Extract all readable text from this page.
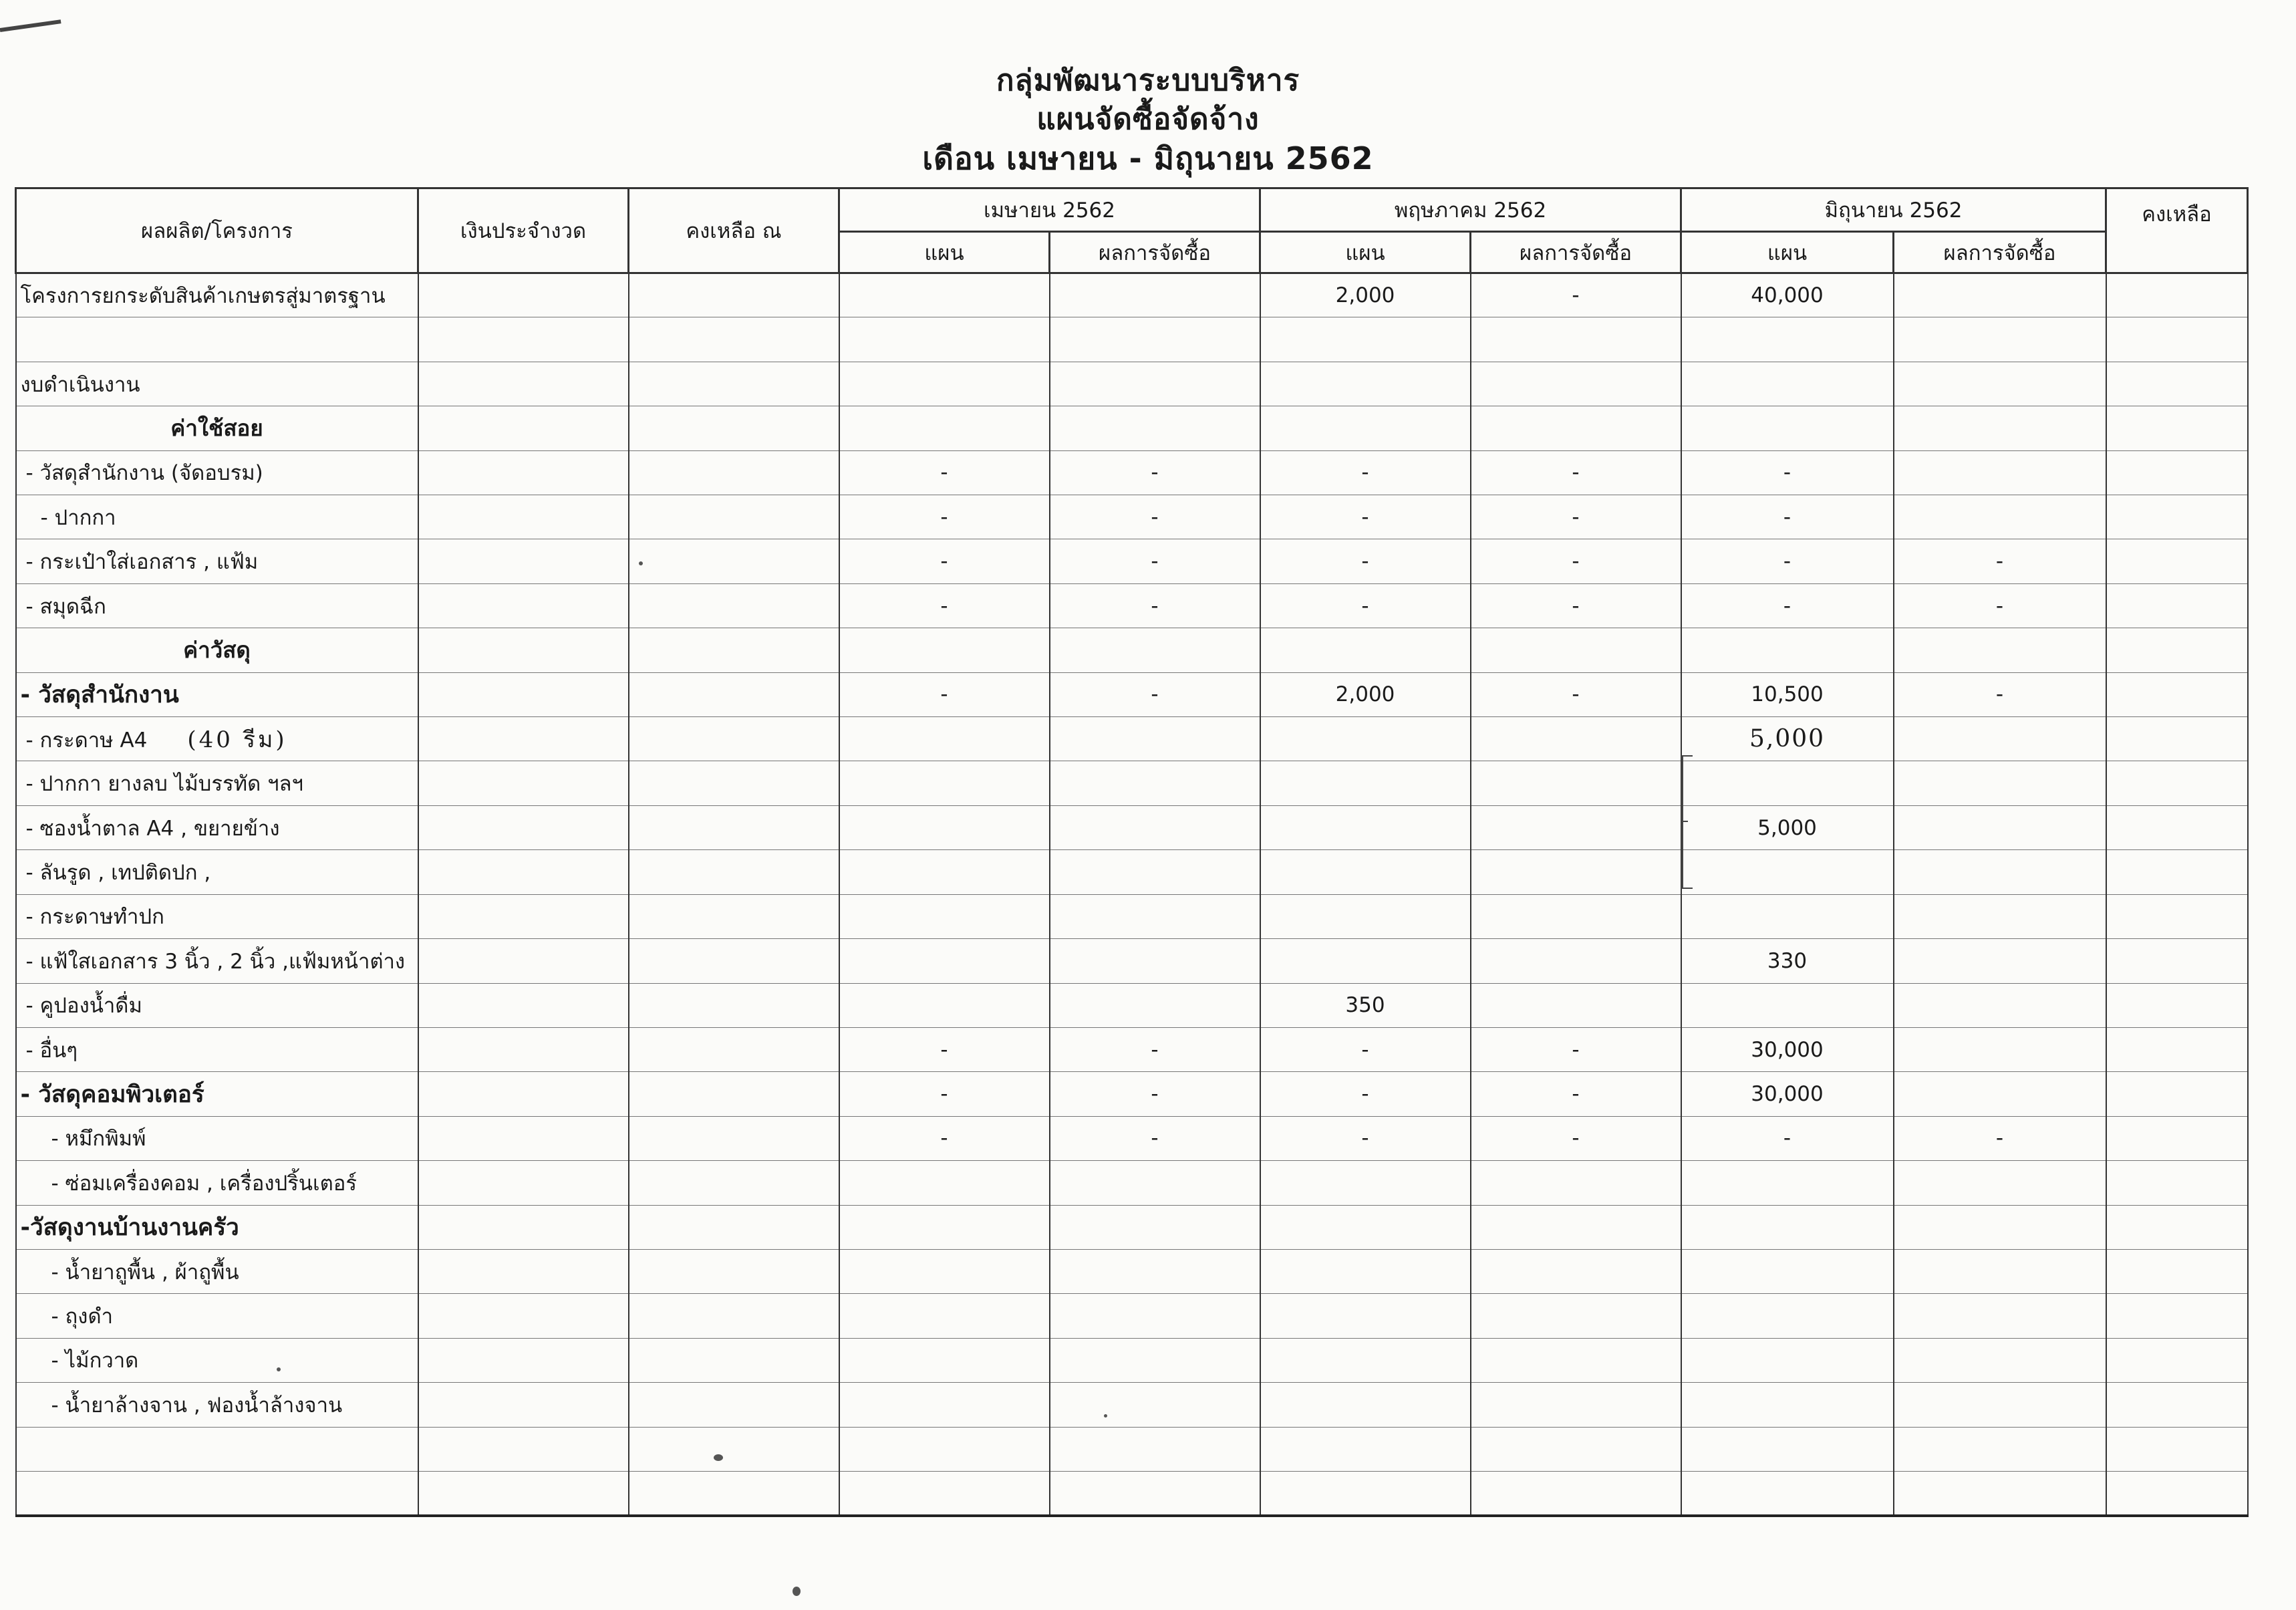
กลุ่มพัฒนาระบบบริหาร
แผนจัดซื้อจัดจ้าง
เดือน เมษายน - มิถุนายน 2562
ผลผลิต/โครงการ	เงินประจำงวด	คงเหลือ ณ	เมษายน 2562		พฤษภาคม 2562		มิถุนายน 2562		คงเหลือ
			แผน	ผลการจัดซื้อ	แผน	ผลการจัดซื้อ	แผน	ผลการจัดซื้อ	
โครงการยกระดับสินค้าเกษตรสู่มาตรฐาน					2,000	-	40,000		

งบดำเนินงาน									
ค่าใช้สอย									
- วัสดุสำนักงาน (จัดอบรม)			-	-	-	-	-		
- ปากกา			-	-	-	-	-		
- กระเป๋าใส่เอกสาร , แฟ้ม			-	-	-	-	-	-	
- สมุดฉีก			-	-	-	-	-	-	
ค่าวัสดุ									
- วัสดุสำนักงาน			-	-	2,000	-	10,500	-	
- กระดาษ A4 (40 รีม)							5,000		
- ปากกา ยางลบ ไม้บรรทัด ฯลฯ									
- ซองน้ำตาล A4 , ขยายข้าง							5,000		
- ลันรูด , เทปติดปก ,									
- กระดาษทำปก									
- แฟ้ใสเอกสาร 3 นิ้ว , 2 นิ้ว ,แฟ้มหน้าต่าง							330		
- คูปองน้ำดื่ม					350				
- อื่นๆ			-	-	-	-	30,000		
- วัสดุคอมพิวเตอร์			-	-	-	-	30,000		
- หมึกพิมพ์			-	-	-	-	-	-	
- ซ่อมเครื่องคอม , เครื่องปริ้นเตอร์									
-วัสดุงานบ้านงานครัว									
- น้ำยาถูพื้น , ผ้าถูพื้น									
- ถุงดำ									
- ไม้กวาด									
- น้ำยาล้างจาน , ฟองน้ำล้างจาน									
